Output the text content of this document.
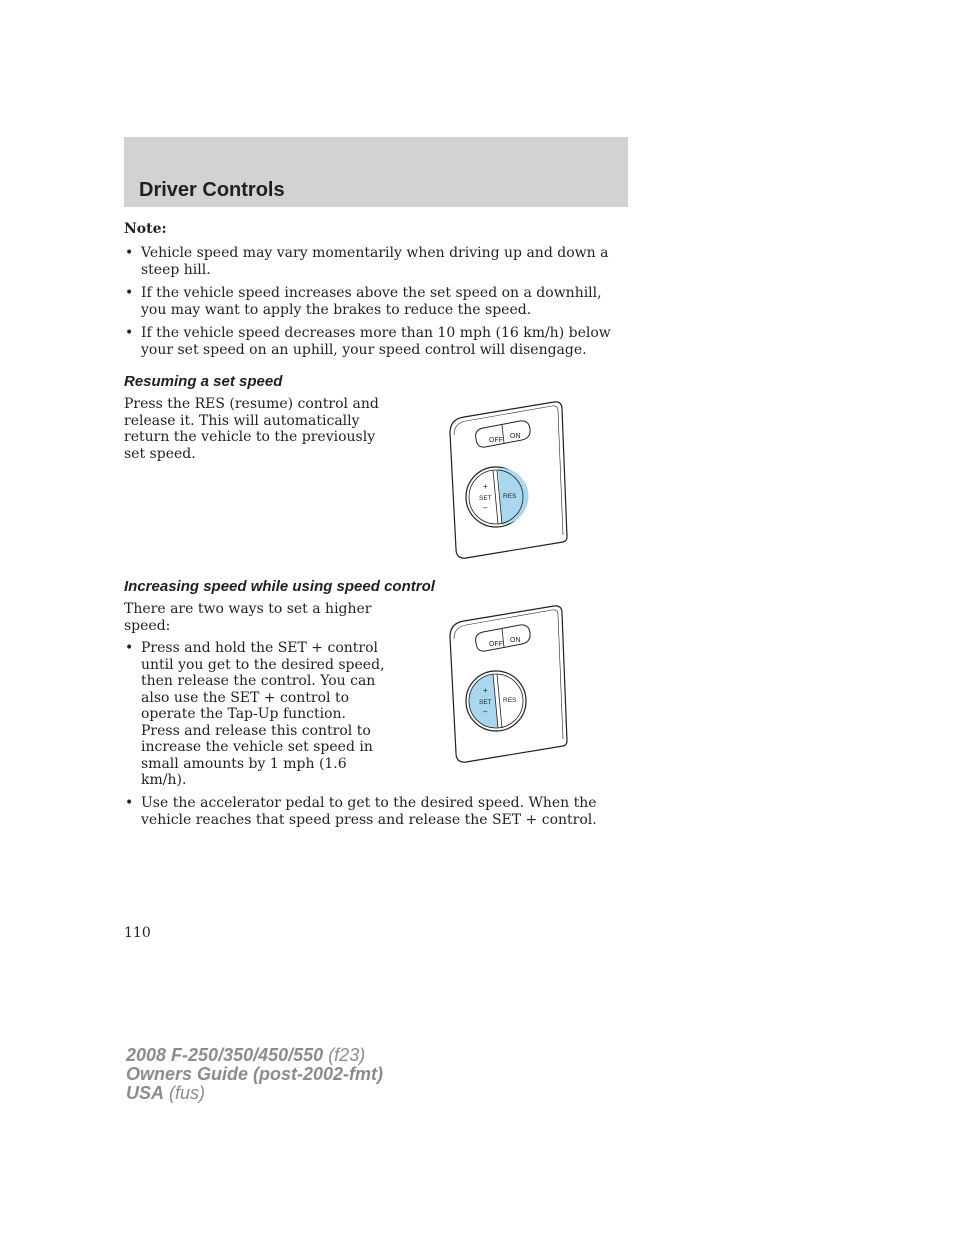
Driver Controls

Note:

• Vehicle speed may vary momentarily when driving up and down a steep hill.
• If the vehicle speed increases above the set speed on a downhill, you may want to apply the brakes to reduce the speed.
• If the vehicle speed decreases more than 10 mph (16 km/h) below your set speed on an uphill, your speed control will disengage.
Resuming a set speed

Press the RES (resume) control and release it. This will automatically return the vehicle to the previously set speed.

OFF
ON
+
SET
–
RES
Increasing speed while using speed control

There are two ways to set a higher speed:

• Press and hold the SET + control until you get to the desired speed, then release the control. You can also use the SET + control to operate the Tap-Up function. Press and release this control to increase the vehicle set speed in small amounts by 1 mph (1.6 km/h).
• Use the accelerator pedal to get to the desired speed. When the vehicle reaches that speed press and release the SET + control.
OFF
ON
+
SET
–
RES

110

2008 F-250/350/450/550 (f23)
Owners Guide (post-2002-fmt)
USA (fus)
